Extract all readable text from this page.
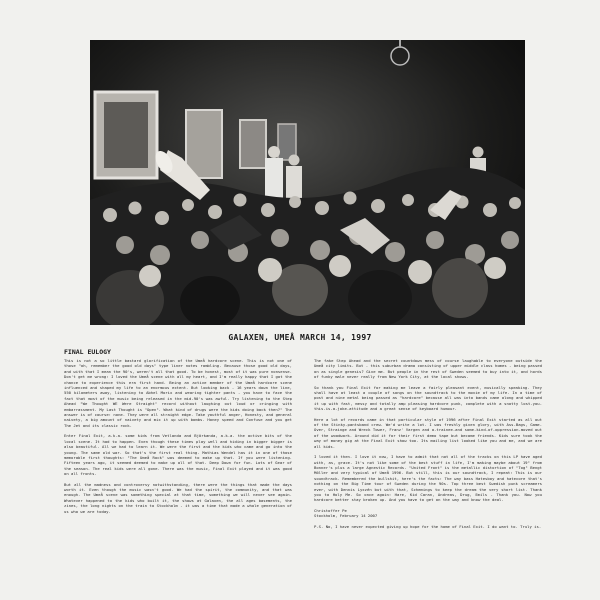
GALAXEN, UMEÅ MARCH 14, 1997
FINAL EULOGY

This is not a so little bastard glorification of the Umeå hardcore scene. This is not one of those "oh, remember the good old days" type liner notes rambling. Because those good old days, and with that I mean the 90's, weren't all that good. To be honest, most of it was pure nonsense. Don't get me wrong: I loved the Umeå scene with all my heart, and I'm really happy that I got the chance to experience this era first hand. Being an active member of the Umeå hardcore scene influenced and shaped my life to an enormous extent. But looking back - 16 years down the line, 550 kilometers away, listening to Abhel Morix and wearing tighter pants - you have to face the fact that most of the music being released in the mid-90's was awful. Try listening to the Step Ahead "We Thought WE Were Straight" record without laughing out loud or cringing with embarrassment. My Last Thought is "Open". What kind of drugs were the kids doing back then?" The answer is of course: none. They were all straight edge. Take youthful anger, Honesty, and general naivety, a big amount of naivety and mix it up with bombs. Honey speed and Confuse and you get The Jet and its classic rock.

Enter Final Exit, a.k.a. some kids from Vetlanda and Björkanda, a.k.a. the active bits of the local scene. It had to happen. Even though these times play well and hiding in bigger bigger is also beautiful. All we had to learn it. We were the first and the kids who came and go into the young. The same old war. So that's the first real thing. Mathias Wendel has it in one of those memorable first thoughts: "The Umeå Rock" was deemed to make up that. If you were listening. Fifteen years ago, it seemed deemed to make up all of that. Deep Down for fun. Lots of Gear of the season. The real kids were all gone. There was the music, Final Exit played and it was good on all fronts.

But all the madness and controversy notwithstanding, there were the things that made the days worth it. Even though the music wasn't good. We had the spirit, the community, and that was enough. The Umeå scene was something special at that time, something we will never see again. Whatever happened to the kids who built it, the shows at Galaxen, the all ages basements, the zines, the long nights on the train to Stockholm - it was a time that made a whole generation of us who we are today.

The fake Step Ahead and the secret countdown mess of course laughable to everyone outside the Umeå city limits. But - this suburban drama consisting of upper middle class homes - being passed on as single genesis? Give me. But people in the rest of Sweden seemed to buy into it, and hords of funky male never really from New York City, at the local shows.

So thank you Final Exit for making me leave a fairly pleasant event, musically speaking. They shall have at least a couple of songs on the soundtrack to the movie of my life. In a time of post and nine metal being passed as "hardcore" because all was into bands came along and whipped it up with fast, messy and totally amp pleasing hardcore punk, complete with a snotty lost-you-this-is-a-joke-attitude and a great sense of keyboard humour.

Here a lot of records came in that particular style of 1996 after Final Exit started as all out of the Stinky-pantsband crew. We'd write a lot. I was freshly given glory, with Ass-Bags, Game-Over, Strainge and Wreck Tower, Franz' Vargen and a-trainee-and some-kind-of-oppression-moved out of the woodwork. Around did it for their first demo tape but became friends. Kids sure took the way of money gig at the Final Exit show too. Its mailing list looked like you and me, and we are all kids.

I loved it then. I love it now, I have to admit that not all of the tracks on this LP have aged with, as, grace. It's not like some of the best stuff in life, I'm making maybe about 19" from Bonner's plus a large Agnestic Records. "United Front" is the metallic distortion of "Tog" Bengt Möller and very typical of Umeå 1996. But still, this is our soundtrack, I repeat: This is our soundtrack. Remembered the bullshit, here's the facts: The way bass Hatesboy and hatecore that's nothing on the Big Time tour of Sweden during the 90s. Top three best Swedish punk screamers ever, with Dennis Lyxzén but with that, Schemings to keep the dream the very short list. Thank you to Holy Me. So once again: Hare, Kid Caran, Andreas, Drug, Emils - Thank you. Now you hardcore better stay broken up. And you have to get on the way and know the deal.

Christoffer Pe
Stockholm, February 14 2007

P.S. No, I have never expected giving up hope for the home of Final Exit. I do want to. Truly is.
